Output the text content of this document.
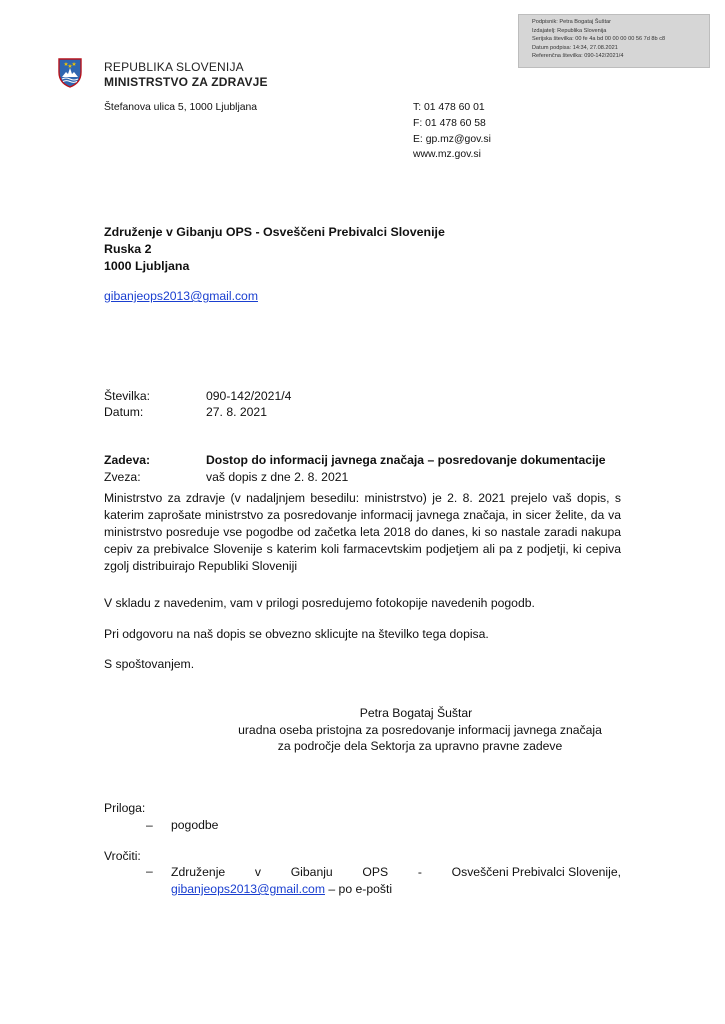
Podpisnik: Petra Bogataj Šuštar
Izdajatelj: Republika Slovenija
Serijska številka: 00 fe 4a bd 00 00 00 00 56 7d 8b c8
Datum podpisa: 14:34, 27.08.2021
Referenčna številka: 090-142/2021/4
REPUBLIKA SLOVENIJA
MINISTRSTVO ZA ZDRAVJE
Štefanova ulica 5, 1000 Ljubljana	T: 01 478 60 01
F: 01 478 60 58
E: gp.mz@gov.si
www.mz.gov.si
Združenje v Gibanju OPS - Osveščeni Prebivalci Slovenije
Ruska 2
1000 Ljubljana
gibanjeops2013@gmail.com
Številka:	090-142/2021/4
Datum:	27. 8. 2021
Zadeva:	Dostop do informacij javnega značaja – posredovanje dokumentacije
Zveza:	vaš dopis z dne 2. 8. 2021
Ministrstvo za zdravje (v nadaljnjem besedilu: ministrstvo) je 2. 8. 2021 prejelo vaš dopis, s katerim zaprošate ministrstvo za posredovanje informacij javnega značaja, in sicer želite, da va ministrstvo posreduje vse pogodbe od začetka leta 2018 do danes, ki so nastale zaradi nakupa cepiv za prebivalce Slovenije s katerim koli farmacevtskim podjetjem ali pa z podjetji, ki cepiva zgolj distribuirajo Republiki Sloveniji
V skladu z navedenim, vam v prilogi posredujemo fotokopije navedenih pogodb.
Pri odgovoru na naš dopis se obvezno sklicujte na številko tega dopisa.
S spoštovanjem.
Petra Bogataj Šuštar
uradna oseba pristojna za posredovanje informacij javnega značaja
za področje dela Sektorja za upravno pravne zadeve
Priloga:
– pogodbe
Vročiti:
– Združenje v Gibanju OPS - Osveščeni Prebivalci Slovenije,
gibanjeops2013@gmail.com – po e-pošti
